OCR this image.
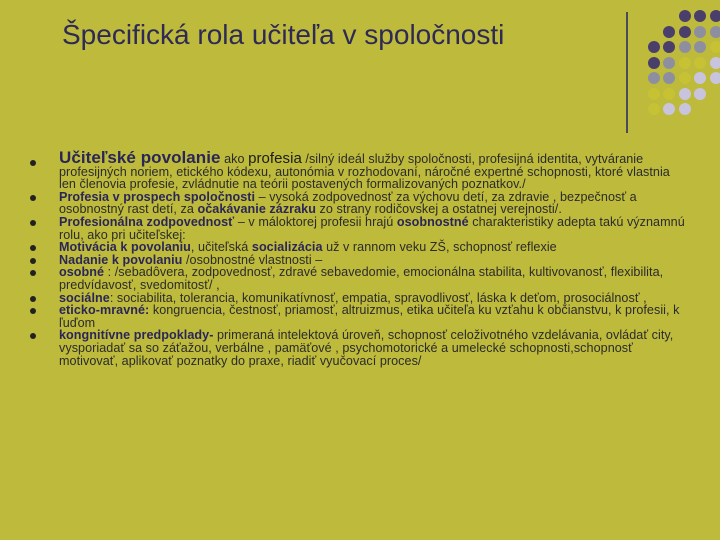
Špecifická rola učiteľa v spoločnosti
Učiteľské povolanie ako profesia /silný ideál služby spoločnosti, profesijná identita, vytváranie profesijných noriem, etického kódexu, autonómia v rozhodovaní, náročné expertné schopnosti, ktoré vlastnia len členovia profesie, zvládnutie na teórii postavených formalizovaných poznatkov./
Profesia v prospech spoločnosti – vysoká zodpovednosť za výchovu detí, za zdravie , bezpečnosť a osobnostný rast detí, za očakávanie zázraku zo strany rodičovskej a ostatnej verejnosti/.
Profesionálna zodpovednosť – v máloktorej profesii hrajú osobnostné charakteristiky adepta takú významnú rolu, ako pri učiteľskej:
Motivácia k povolaniu, učiteľská socializácia už v rannom veku ZŠ, schopnosť reflexie
Nadanie k povolaniu /osobnostné vlastnosti –
osobné : /sebadôvera, zodpovednosť, zdravé sebavedomie, emocionálna stabilita, kultivovanosť, flexibilita, predvídavosť, svedomitosť/ ,
sociálne: sociabilita, tolerancia, komunikatívnosť, empatia, spravodlivosť, láska k deťom, prosociálnosť ,
eticko-mravné: kongruencia, čestnosť, priamosť, altruizmus, etika učiteľa ku vzťahu k občianstvu, k profesii, k ľuďom
kongnitívne predpoklady- primeraná intelektová úroveň, schopnosť celoživotného vzdelávania, ovládať city, vysporiadať sa so záťažou, verbálne , pamäťové , psychomotorické a umelecké schopnosti,schopnosť motivovať, aplikovať poznatky do praxe, riadiť vyučovací proces/
